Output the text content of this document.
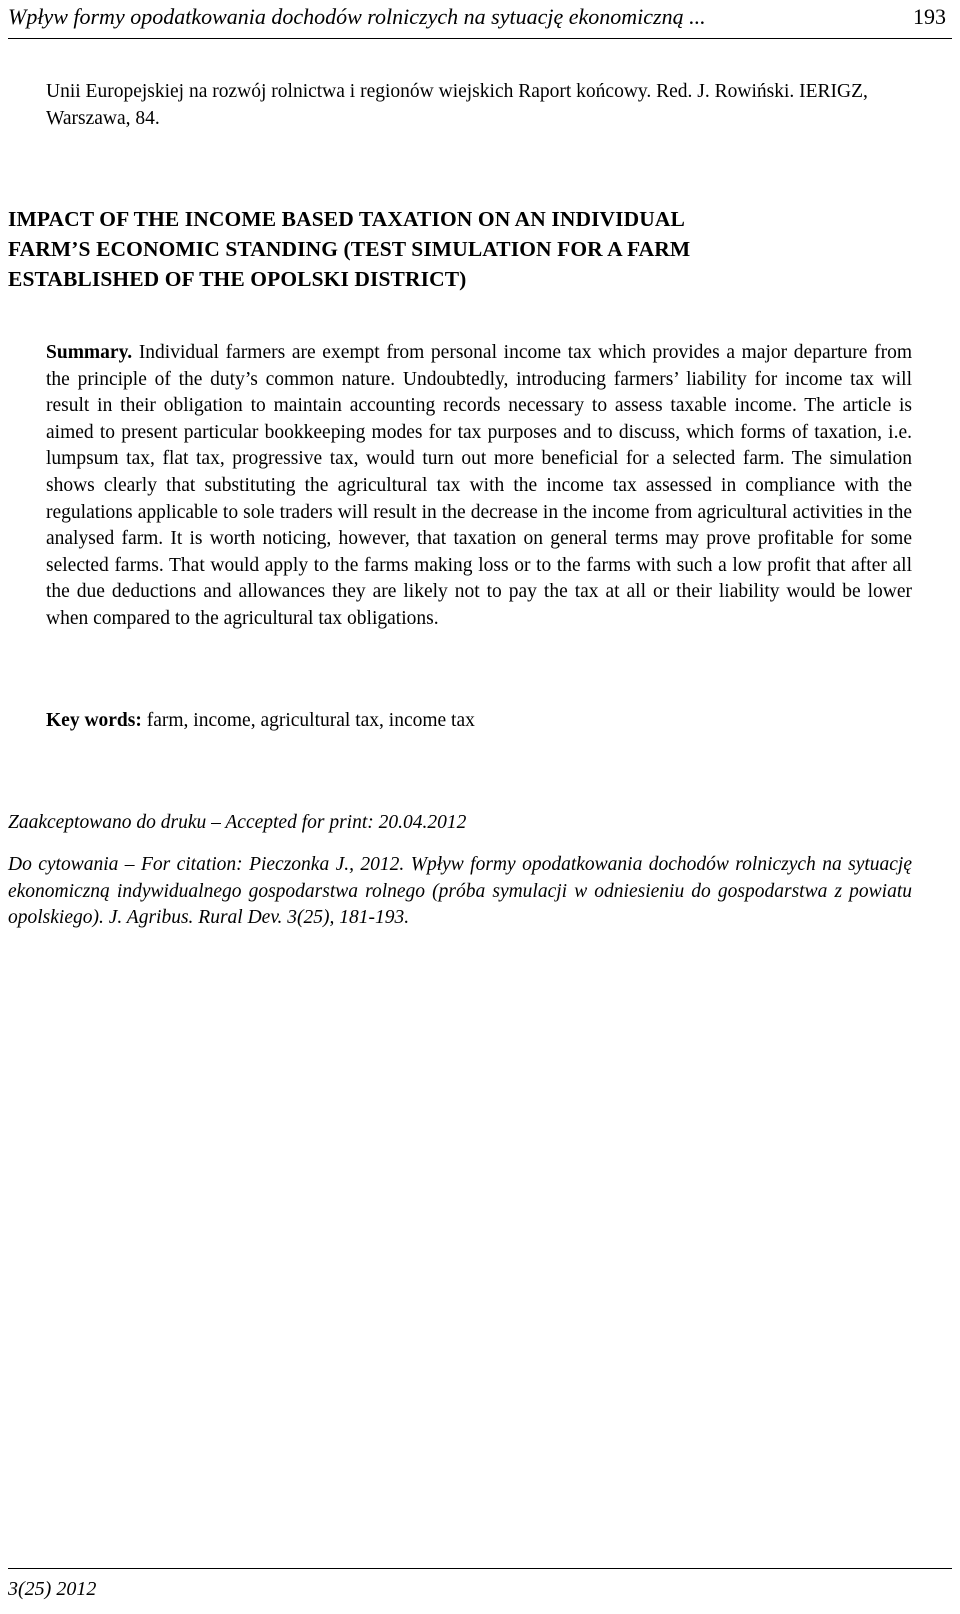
Wpływ formy opodatkowania dochodów rolniczych na sytuację ekonomiczną ...	193

Unii Europejskiej na rozwój rolnictwa i regionów wiejskich Raport końcowy. Red. J. Rowiński. IERIGZ, Warszawa, 84.

IMPACT OF THE INCOME BASED TAXATION ON AN INDIVIDUAL
FARM’S ECONOMIC STANDING (TEST SIMULATION FOR A FARM
ESTABLISHED OF THE OPOLSKI DISTRICT)

Summary. Individual farmers are exempt from personal income tax which provides a major departure from the principle of the duty’s common nature. Undoubtedly, introducing farmers’ liability for income tax will result in their obligation to maintain accounting records necessary to assess taxable income. The article is aimed to present particular bookkeeping modes for tax purposes and to discuss, which forms of taxation, i.e. lumpsum tax, flat tax, progressive tax, would turn out more beneficial for a selected farm. The simulation shows clearly that substituting the agricultural tax with the income tax assessed in compliance with the regulations applicable to sole traders will result in the decrease in the income from agricultural activities in the analysed farm. It is worth noticing, however, that taxation on general terms may prove profitable for some selected farms. That would apply to the farms making loss or to the farms with such a low profit that after all the due deductions and allowances they are likely not to pay the tax at all or their liability would be lower when compared to the agricultural tax obligations.

Key words: farm, income, agricultural tax, income tax

Zaakceptowano do druku – Accepted for print: 20.04.2012

Do cytowania – For citation: Pieczonka J., 2012. Wpływ formy opodatkowania dochodów rolniczych na sytuację ekonomiczną indywidualnego gospodarstwa rolnego (próba symulacji w odniesieniu do gospodarstwa z powiatu opolskiego). J. Agribus. Rural Dev. 3(25), 181-193.

3(25) 2012
